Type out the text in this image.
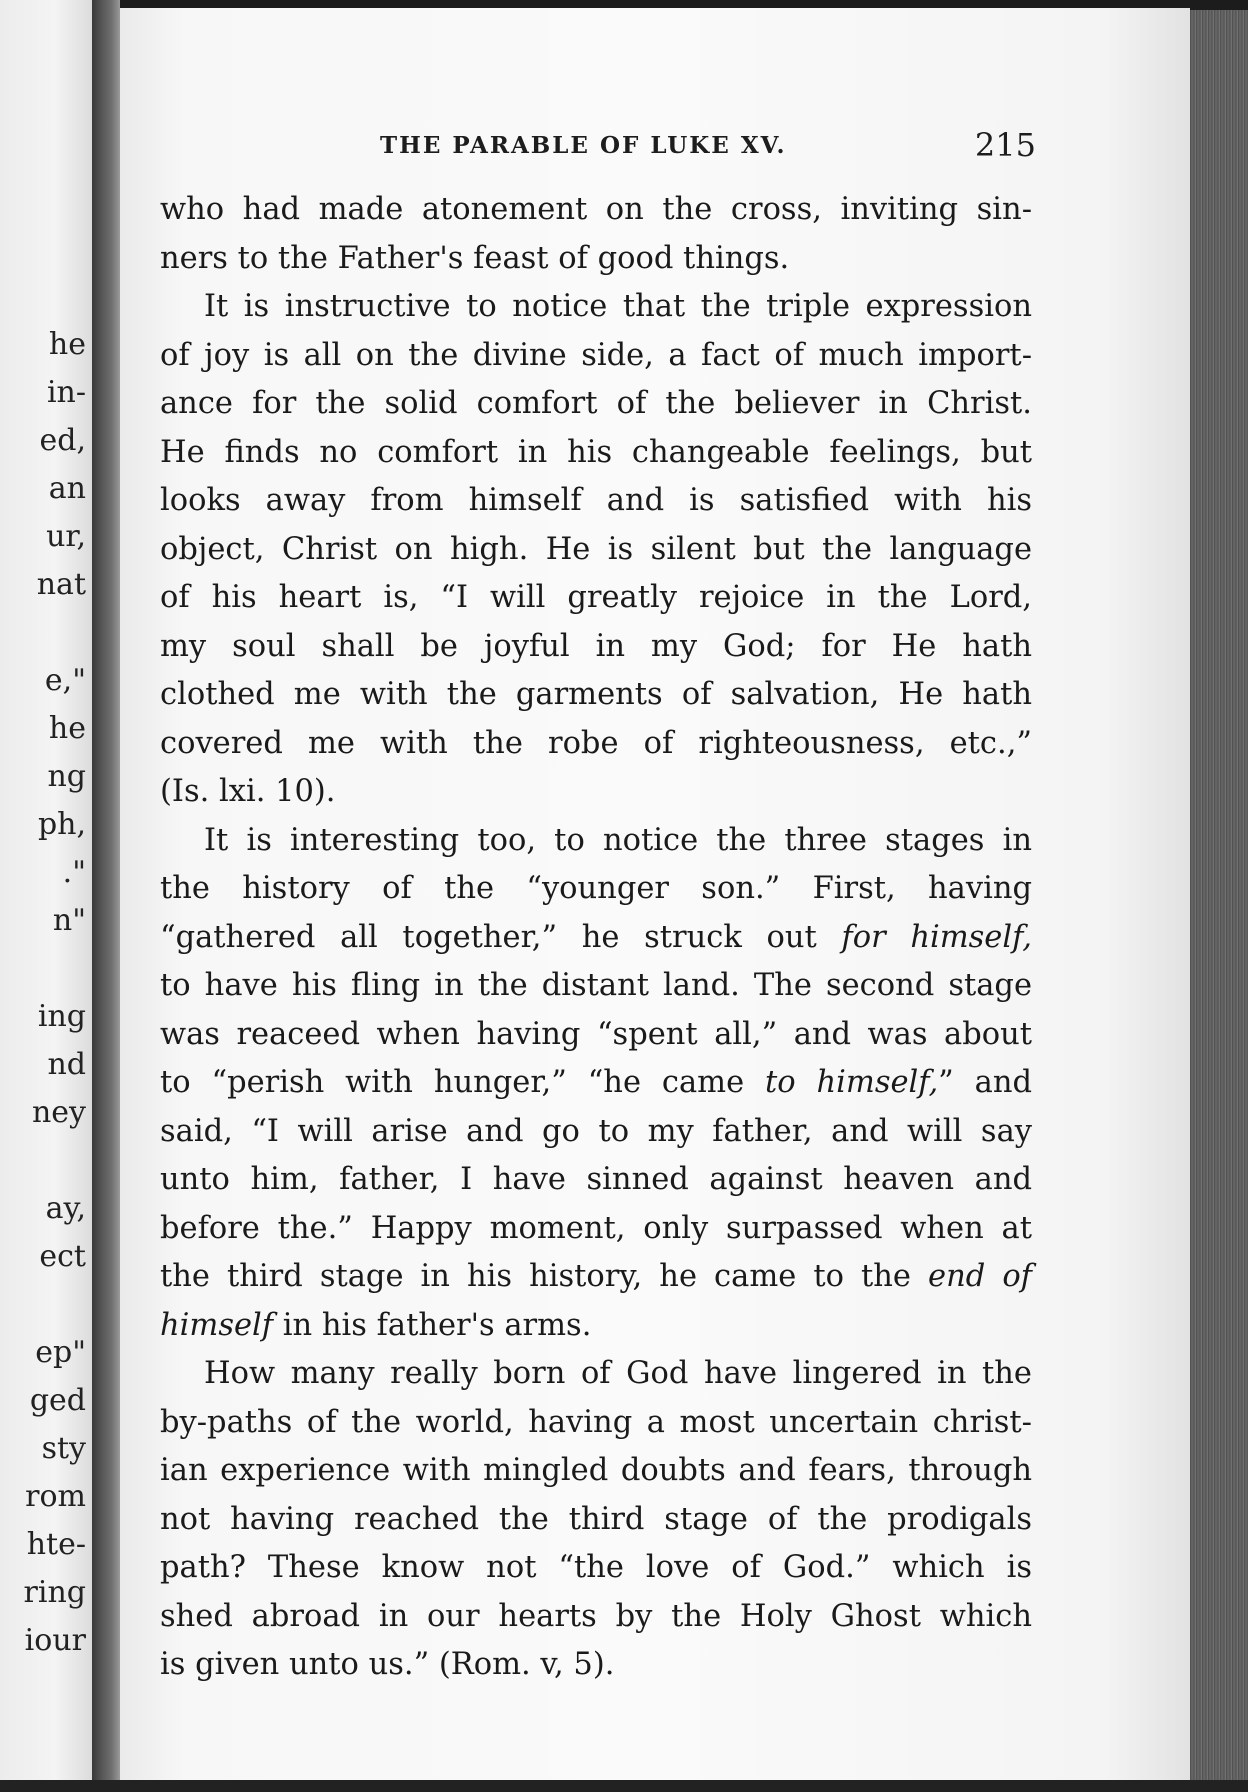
he
in-
ed,
an
ur,
nat
e,"
he
ng
ph,
."
n"
ing
nd
ney
ay,
ect
ep"
ged
sty
rom
hte-
ring
iour
THE PARABLE OF LUKE XV.	215
who had made atonement on the cross, inviting sin-
ners to the Father's feast of good things.
It is instructive to notice that the triple expression
of joy is all on the divine side, a fact of much import-
ance for the solid comfort of the believer in Christ.
He finds no comfort in his changeable feelings, but
looks away from himself and is satisfied with his
object, Christ on high. He is silent but the language
of his heart is, “I will greatly rejoice in the Lord,
my soul shall be joyful in my God; for He hath
clothed me with the garments of salvation, He hath
covered me with the robe of righteousness, etc.,”
(Is. lxi. 10).
It is interesting too, to notice the three stages in
the history of the “younger son.” First, having
“gathered all together,” he struck out for himself,
to have his fling in the distant land. The second stage
was reaceed when having “spent all,” and was about
to “perish with hunger,” “he came to himself,” and
said, “I will arise and go to my father, and will say
unto him, father, I have sinned against heaven and
before the.” Happy moment, only surpassed when at
the third stage in his history, he came to the end of
himself in his father's arms.
How many really born of God have lingered in the
by-paths of the world, having a most uncertain christ-
ian experience with mingled doubts and fears, through
not having reached the third stage of the prodigals
path? These know not “the love of God.” which is
shed abroad in our hearts by the Holy Ghost which
is given unto us.” (Rom. v, 5).
